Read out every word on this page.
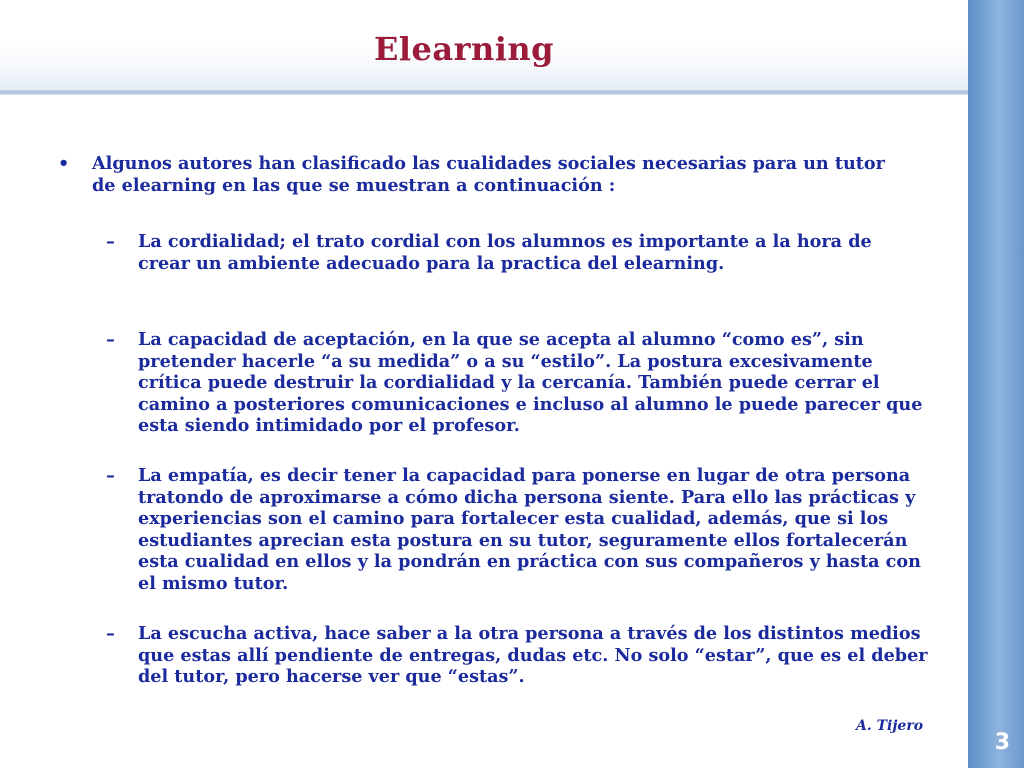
Elearning
3
• Algunos autores han clasificado las cualidades sociales necesarias para un tutor de elearning en las que se muestran a continuación :
– La cordialidad; el trato cordial con los alumnos es importante a la hora de crear un ambiente adecuado para la practica del elearning.
– La capacidad de aceptación, en la que se acepta al alumno “como es”, sin pretender hacerle “a su medida” o a su “estilo”. La postura excesivamente crítica puede destruir la cordialidad y la cercanía. También puede cerrar el camino a posteriores comunicaciones e incluso al alumno le puede parecer que esta siendo intimidado por el profesor.
– La empatía, es decir tener la capacidad para ponerse en lugar de otra persona tratondo de aproximarse a cómo dicha persona siente. Para ello las prácticas y experiencias son el camino para fortalecer esta cualidad, además, que si los estudiantes aprecian esta postura en su tutor, seguramente ellos fortalecerán esta cualidad en ellos y la pondrán en práctica con sus compañeros y hasta con el mismo tutor.
– La escucha activa, hace saber a la otra persona a través de los distintos medios que estas allí pendiente de entregas, dudas etc. No solo “estar”, que es el deber del tutor, pero hacerse ver que “estas”.
A. Tijero
